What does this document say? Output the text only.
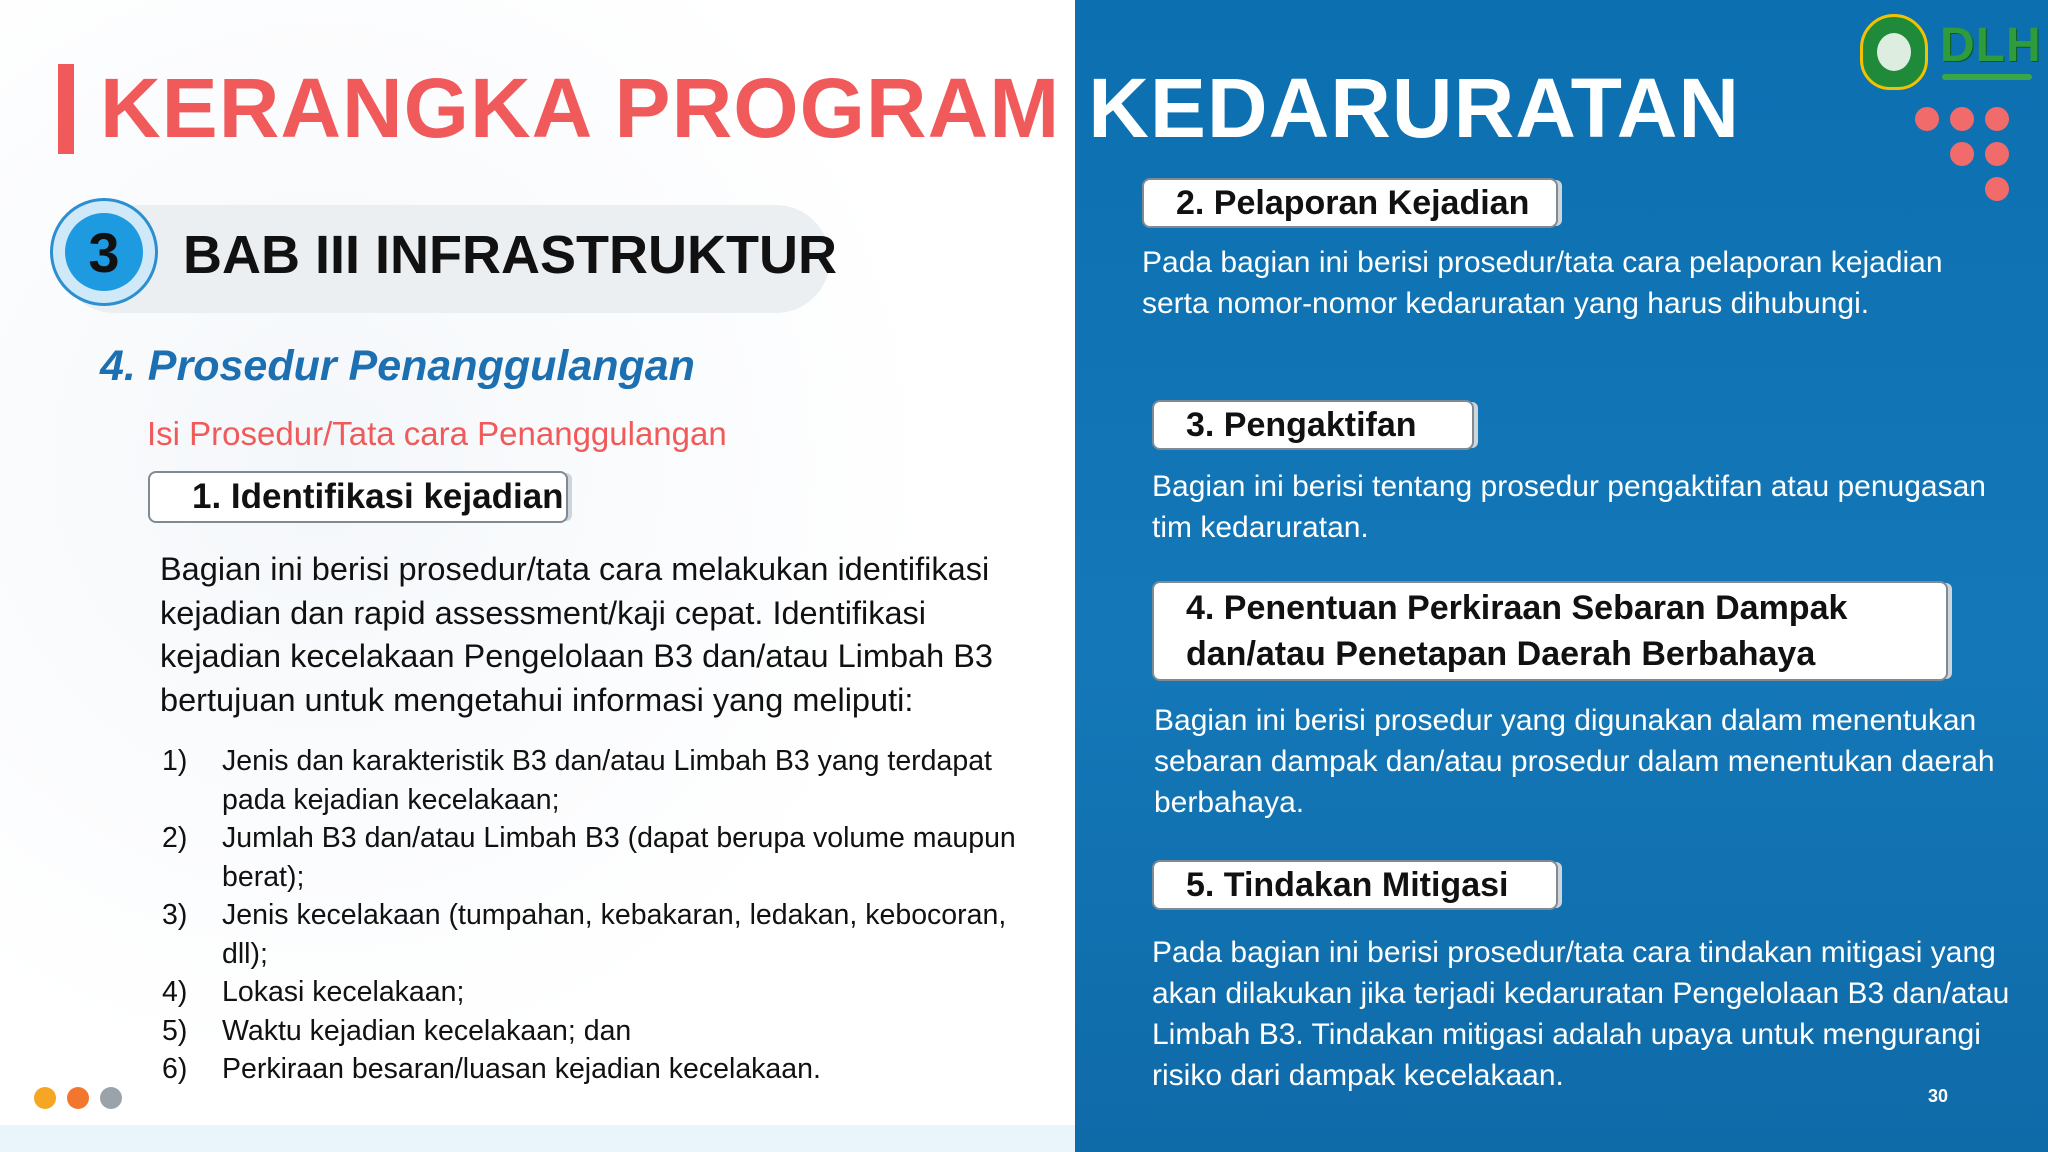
KERANGKA PROGRAM KEDARURATAN
DLH
3	BAB III INFRASTRUKTUR
4. Prosedur Penanggulangan
Isi Prosedur/Tata cara Penanggulangan
1. Identifikasi kejadian
Bagian ini berisi prosedur/tata cara melakukan identifikasi kejadian dan rapid assessment/kaji cepat. Identifikasi kejadian kecelakaan Pengelolaan B3 dan/atau Limbah B3 bertujuan untuk mengetahui informasi yang meliputi:
1) Jenis dan karakteristik B3 dan/atau Limbah B3 yang terdapat pada kejadian kecelakaan;
2) Jumlah B3 dan/atau Limbah B3 (dapat berupa volume maupun berat);
3) Jenis kecelakaan (tumpahan, kebakaran, ledakan, kebocoran, dll);
4) Lokasi kecelakaan;
5) Waktu kejadian kecelakaan; dan
6) Perkiraan besaran/luasan kejadian kecelakaan.
2. Pelaporan Kejadian
Pada bagian ini berisi prosedur/tata cara pelaporan kejadian serta nomor-nomor kedaruratan yang harus dihubungi.
3. Pengaktifan
Bagian ini berisi tentang prosedur pengaktifan atau penugasan tim kedaruratan.
4. Penentuan Perkiraan Sebaran Dampak dan/atau Penetapan Daerah Berbahaya
Bagian ini berisi prosedur yang digunakan dalam menentukan sebaran dampak dan/atau prosedur dalam menentukan daerah berbahaya.
5. Tindakan Mitigasi
Pada bagian ini berisi prosedur/tata cara tindakan mitigasi yang akan dilakukan jika terjadi kedaruratan Pengelolaan B3 dan/atau Limbah B3. Tindakan mitigasi adalah upaya untuk mengurangi risiko dari dampak kecelakaan.
30
